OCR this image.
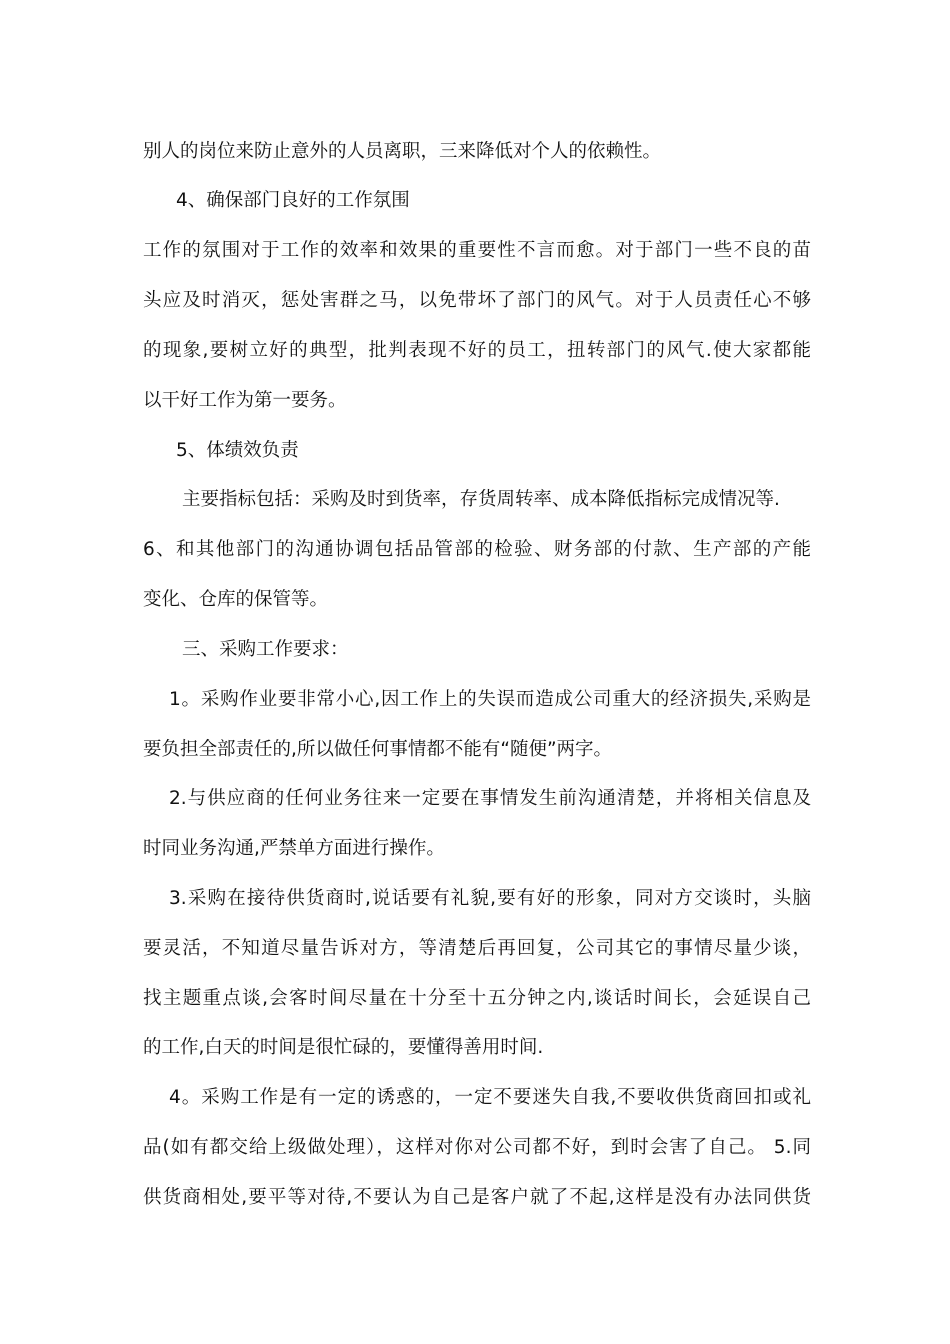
别人的岗位来防止意外的人员离职，三来降低对个人的依赖性。
4、确保部门良好的工作氛围
工作的氛围对于工作的效率和效果的重要性不言而愈。对于部门一些不良的苗
头应及时消灭，惩处害群之马，以免带坏了部门的风气。对于人员责任心不够
的现象,要树立好的典型，批判表现不好的员工，扭转部门的风气.使大家都能
以干好工作为第一要务。
5、体绩效负责
主要指标包括：采购及时到货率，存货周转率、成本降低指标完成情况等.
6、和其他部门的沟通协调包括品管部的检验、财务部的付款、生产部的产能
变化、仓库的保管等。
三、采购工作要求：
1。采购作业要非常小心,因工作上的失误而造成公司重大的经济损失,采购是
要负担全部责任的,所以做任何事情都不能有“随便”两字。
2.与供应商的任何业务往来一定要在事情发生前沟通清楚，并将相关信息及
时同业务沟通,严禁单方面进行操作。
3.采购在接待供货商时,说话要有礼貌,要有好的形象，同对方交谈时，头脑
要灵活，不知道尽量告诉对方，等清楚后再回复，公司其它的事情尽量少谈，
找主题重点谈,会客时间尽量在十分至十五分钟之内,谈话时间长，会延误自己
的工作,白天的时间是很忙碌的，要懂得善用时间.
4。采购工作是有一定的诱惑的，一定不要迷失自我,不要收供货商回扣或礼
品(如有都交给上级做处理），这样对你对公司都不好，到时会害了自己。 5.同
供货商相处,要平等对待,不要认为自己是客户就了不起,这样是没有办法同供货
